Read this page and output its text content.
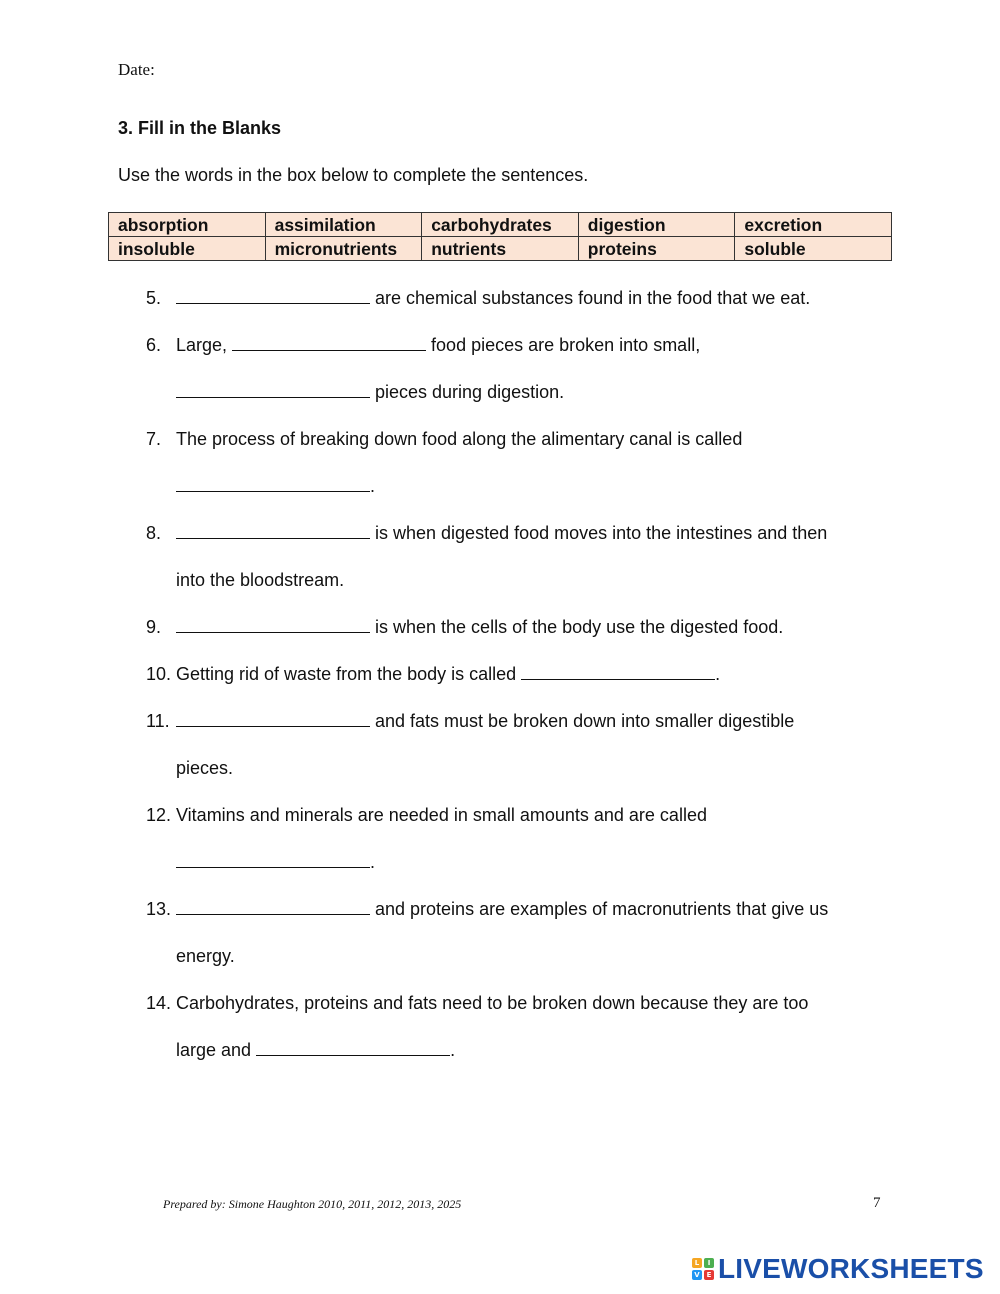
Date:
3. Fill in the Blanks
Use the words in the box below to complete the sentences.
absorption	assimilation	carbohydrates	digestion	excretion
insoluble	micronutrients	nutrients	proteins	soluble
5.	are chemical substances found in the food that we eat.
6. Large,	food pieces are broken into small,
pieces during digestion.
7. The process of breaking down food along the alimentary canal is called
.
8.	is when digested food moves into the intestines and then
into the bloodstream.
9.	is when the cells of the body use the digested food.
10. Getting rid of waste from the body is called	.
11.	and fats must be broken down into smaller digestible
pieces.
12. Vitamins and minerals are needed in small amounts and are called
.
13.	and proteins are examples of macronutrients that give us
energy.
14. Carbohydrates, proteins and fats need to be broken down because they are too
large and	.
Prepared by: Simone Haughton 2010, 2011, 2012, 2013, 2025	7
L	I
V E LIVEWORKSHEETS
